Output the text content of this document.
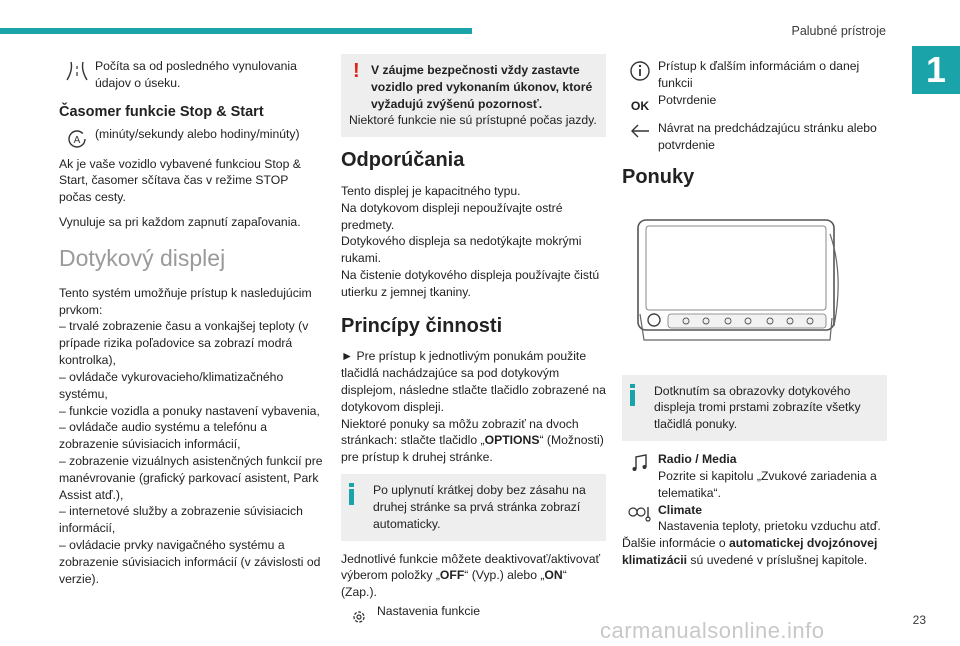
Palubné prístroje
1
Počíta sa od posledného vynulovania údajov o úseku.
Časomer funkcie Stop & Start
A (minúty/sekundy alebo hodiny/minúty)

Ak je vaše vozidlo vybavené funkciou Stop & Start, časomer sčítava čas v režime STOP počas cesty.

Vynuluje sa pri každom zapnutí zapaľovania.

Dotykový displej

Tento systém umožňuje prístup k nasledujúcim prvkom:

– trvalé zobrazenie času a vonkajšej teploty (v prípade rizika poľadovice sa zobrazí modrá kontrolka),
– ovládače vykurovacieho/klimatizačného systému,
– funkcie vozidla a ponuky nastavení vybavenia,
– ovládače audio systému a telefónu a zobrazenie súvisiacich informácií,
– zobrazenie vizuálnych asistenčných funkcií pre manévrovanie (grafický parkovací asistent, Park Assist atď.),
– internetové služby a zobrazenie súvisiacich informácií,
– ovládacie prvky navigačného systému a zobrazenie súvisiacich informácií (v závislosti od verzie).
! V záujme bezpečnosti vždy zastavte vozidlo pred vykonaním úkonov, ktoré vyžadujú zvýšenú pozornosť.
Niektoré funkcie nie sú prístupné počas jazdy.
Odporúčania
Tento displej je kapacitného typu.
Na dotykovom displeji nepoužívajte ostré predmety.
Dotykového displeja sa nedotýkajte mokrými rukami.
Na čistenie dotykového displeja používajte čistú utierku z jemnej tkaniny.
Princípy činnosti
► Pre prístup k jednotlivým ponukám použite tlačidlá nachádzajúce sa pod dotykovým displejom, následne stlačte tlačidlo zobrazené na dotykovom displeji.

Niektoré ponuky sa môžu zobraziť na dvoch stránkach: stlačte tlačidlo „OPTIONS“ (Možnosti) pre prístup k druhej stránke.

Po uplynutí krátkej doby bez zásahu na druhej stránke sa prvá stránka zobrazí automaticky.

Jednotlivé funkcie môžete deaktivovať/aktivovať výberom položky „OFF“ (Vyp.) alebo „ON“ (Zap.).

Nastavenia funkcie
Prístup k ďalším informáciám o danej funkcii
OK Potvrdenie
Návrat na predchádzajúcu stránku alebo potvrdenie
Ponuky
Dotknutím sa obrazovky dotykového displeja tromi prstami zobrazíte všetky tlačidlá ponuky.
Radio / Media
Pozrite si kapitolu „Zvukové zariadenia a telematika“.
Climate
Nastavenia teploty, prietoku vzduchu atď.

Ďalšie informácie o automatickej dvojzónovej klimatizácii sú uvedené v príslušnej kapitole.

23
carmanualsonline.info
